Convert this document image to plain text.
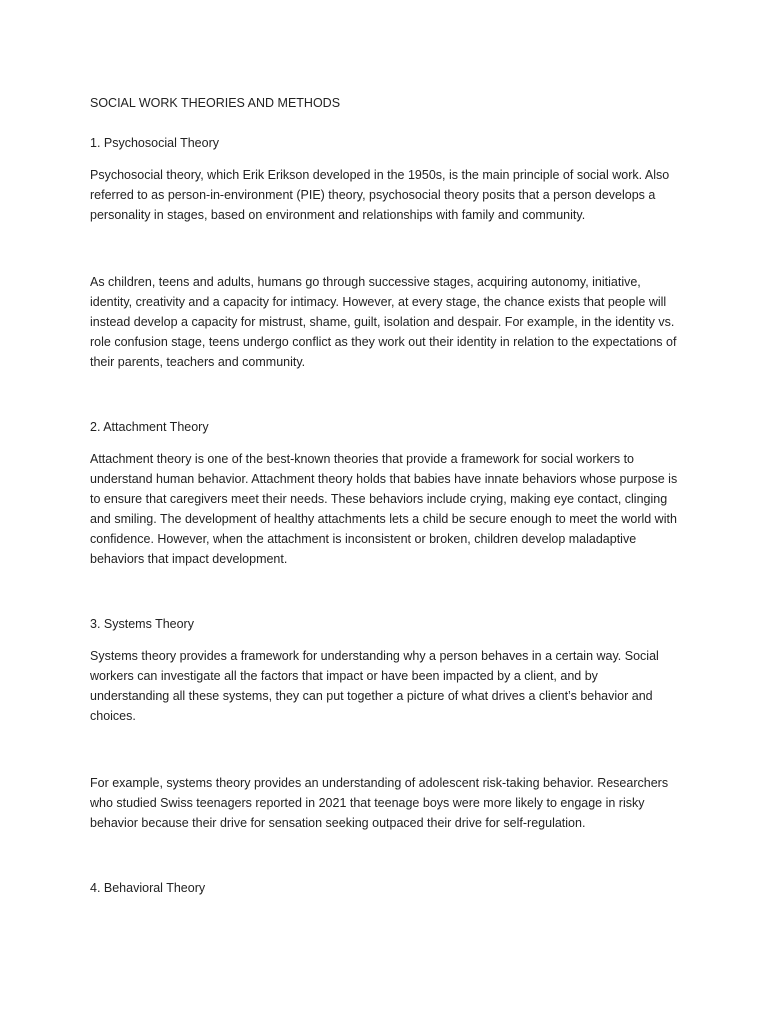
SOCIAL WORK THEORIES AND METHODS
1. Psychosocial Theory
Psychosocial theory, which Erik Erikson developed in the 1950s, is the main principle of social work. Also referred to as person-in-environment (PIE) theory, psychosocial theory posits that a person develops a personality in stages, based on environment and relationships with family and community.
As children, teens and adults, humans go through successive stages, acquiring autonomy, initiative, identity, creativity and a capacity for intimacy. However, at every stage, the chance exists that people will instead develop a capacity for mistrust, shame, guilt, isolation and despair. For example, in the identity vs. role confusion stage, teens undergo conflict as they work out their identity in relation to the expectations of their parents, teachers and community.
2. Attachment Theory
Attachment theory is one of the best-known theories that provide a framework for social workers to understand human behavior. Attachment theory holds that babies have innate behaviors whose purpose is to ensure that caregivers meet their needs. These behaviors include crying, making eye contact, clinging and smiling. The development of healthy attachments lets a child be secure enough to meet the world with confidence. However, when the attachment is inconsistent or broken, children develop maladaptive behaviors that impact development.
3. Systems Theory
Systems theory provides a framework for understanding why a person behaves in a certain way. Social workers can investigate all the factors that impact or have been impacted by a client, and by understanding all these systems, they can put together a picture of what drives a client’s behavior and choices.
For example, systems theory provides an understanding of adolescent risk-taking behavior. Researchers who studied Swiss teenagers reported in 2021 that teenage boys were more likely to engage in risky behavior because their drive for sensation seeking outpaced their drive for self-regulation.
4. Behavioral Theory
